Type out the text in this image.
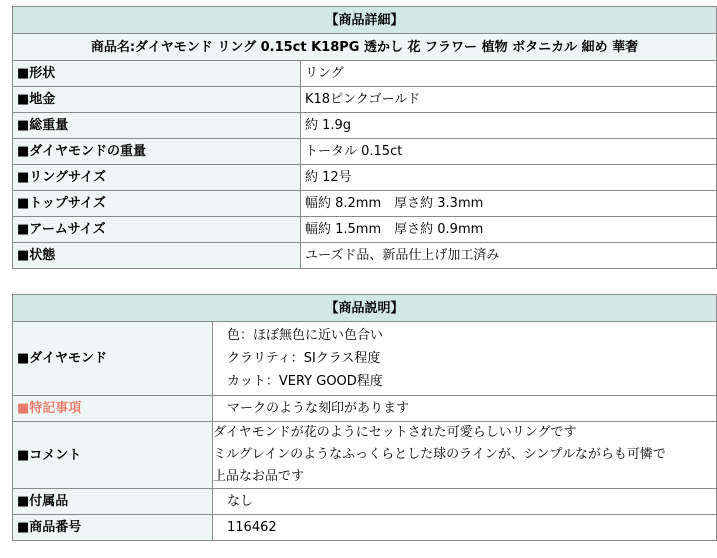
【商品詳細】	
商品名:ダイヤモンド リング 0.15ct K18PG 透かし 花 フラワー 植物 ボタニカル 細め 華奢	
■形状	リング
■地金	K18ピンクゴールド
■総重量	約 1.9g
■ダイヤモンドの重量	トータル 0.15ct
■リングサイズ	約 12号
■トップサイズ	幅約 8.2mm　厚さ約 3.3mm
■アームサイズ	幅約 1.5mm　厚さ約 0.9mm
■状態	ユーズド品、新品仕上げ加工済み
【商品説明】	
■ダイヤモンド	色：ほぼ無色に近い色合い
クラリティ：SIクラス程度
カット：VERY GOOD程度

■特記事項	マークのような刻印があります
■コメント	ダイヤモンドが花のようにセットされた可愛らしいリングです
ミルグレインのようなふっくらとした球のラインが、シンプルながらも可憐で
上品なお品です

■付属品	なし
■商品番号	116462
